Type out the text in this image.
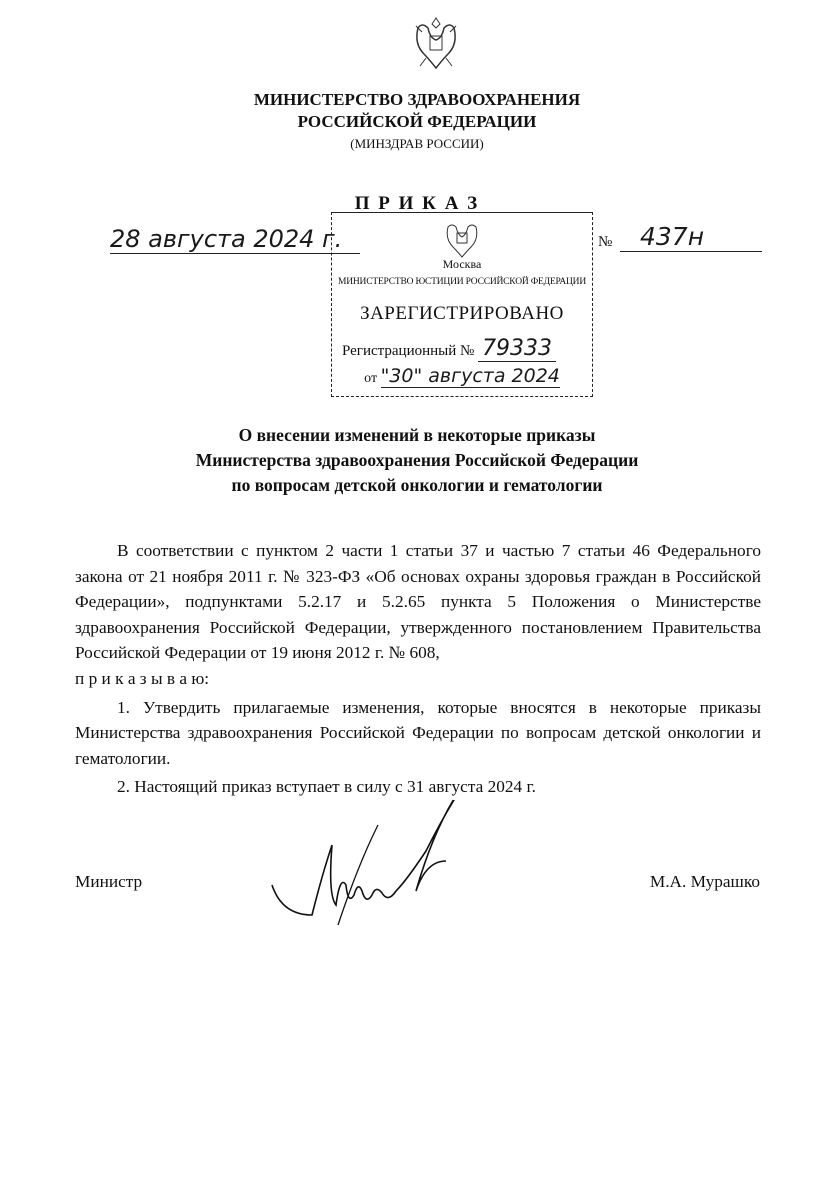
МИНИСТЕРСТВО ЗДРАВООХРАНЕНИЯ
РОССИЙСКОЙ ФЕДЕРАЦИИ
(МИНЗДРАВ РОССИИ)
П Р И К А З
28 августа 2024 г.	№	437н
Москва
МИНИСТЕРСТВО ЮСТИЦИИ РОССИЙСКОЙ ФЕДЕРАЦИИ
ЗАРЕГИСТРИРОВАНО
Регистрационный № 79333
от "30" августа 2024
О внесении изменений в некоторые приказы
Министерства здравоохранения Российской Федерации
по вопросам детской онкологии и гематологии

В соответствии с пунктом 2 части 1 статьи 37 и частью 7 статьи 46 Федерального закона от 21 ноября 2011 г. № 323-ФЗ «Об основах охраны здоровья граждан в Российской Федерации», подпунктами 5.2.17 и 5.2.65 пункта 5 Положения о Министерстве здравоохранения Российской Федерации, утвержденного постановлением Правительства Российской Федерации от 19 июня 2012 г. № 608,

п р и к а з ы в а ю:

1. Утвердить прилагаемые изменения, которые вносятся в некоторые приказы Министерства здравоохранения Российской Федерации по вопросам детской онкологии и гематологии.

2. Настоящий приказ вступает в силу с 31 августа 2024 г.

Министр	М.А. Мурашко
